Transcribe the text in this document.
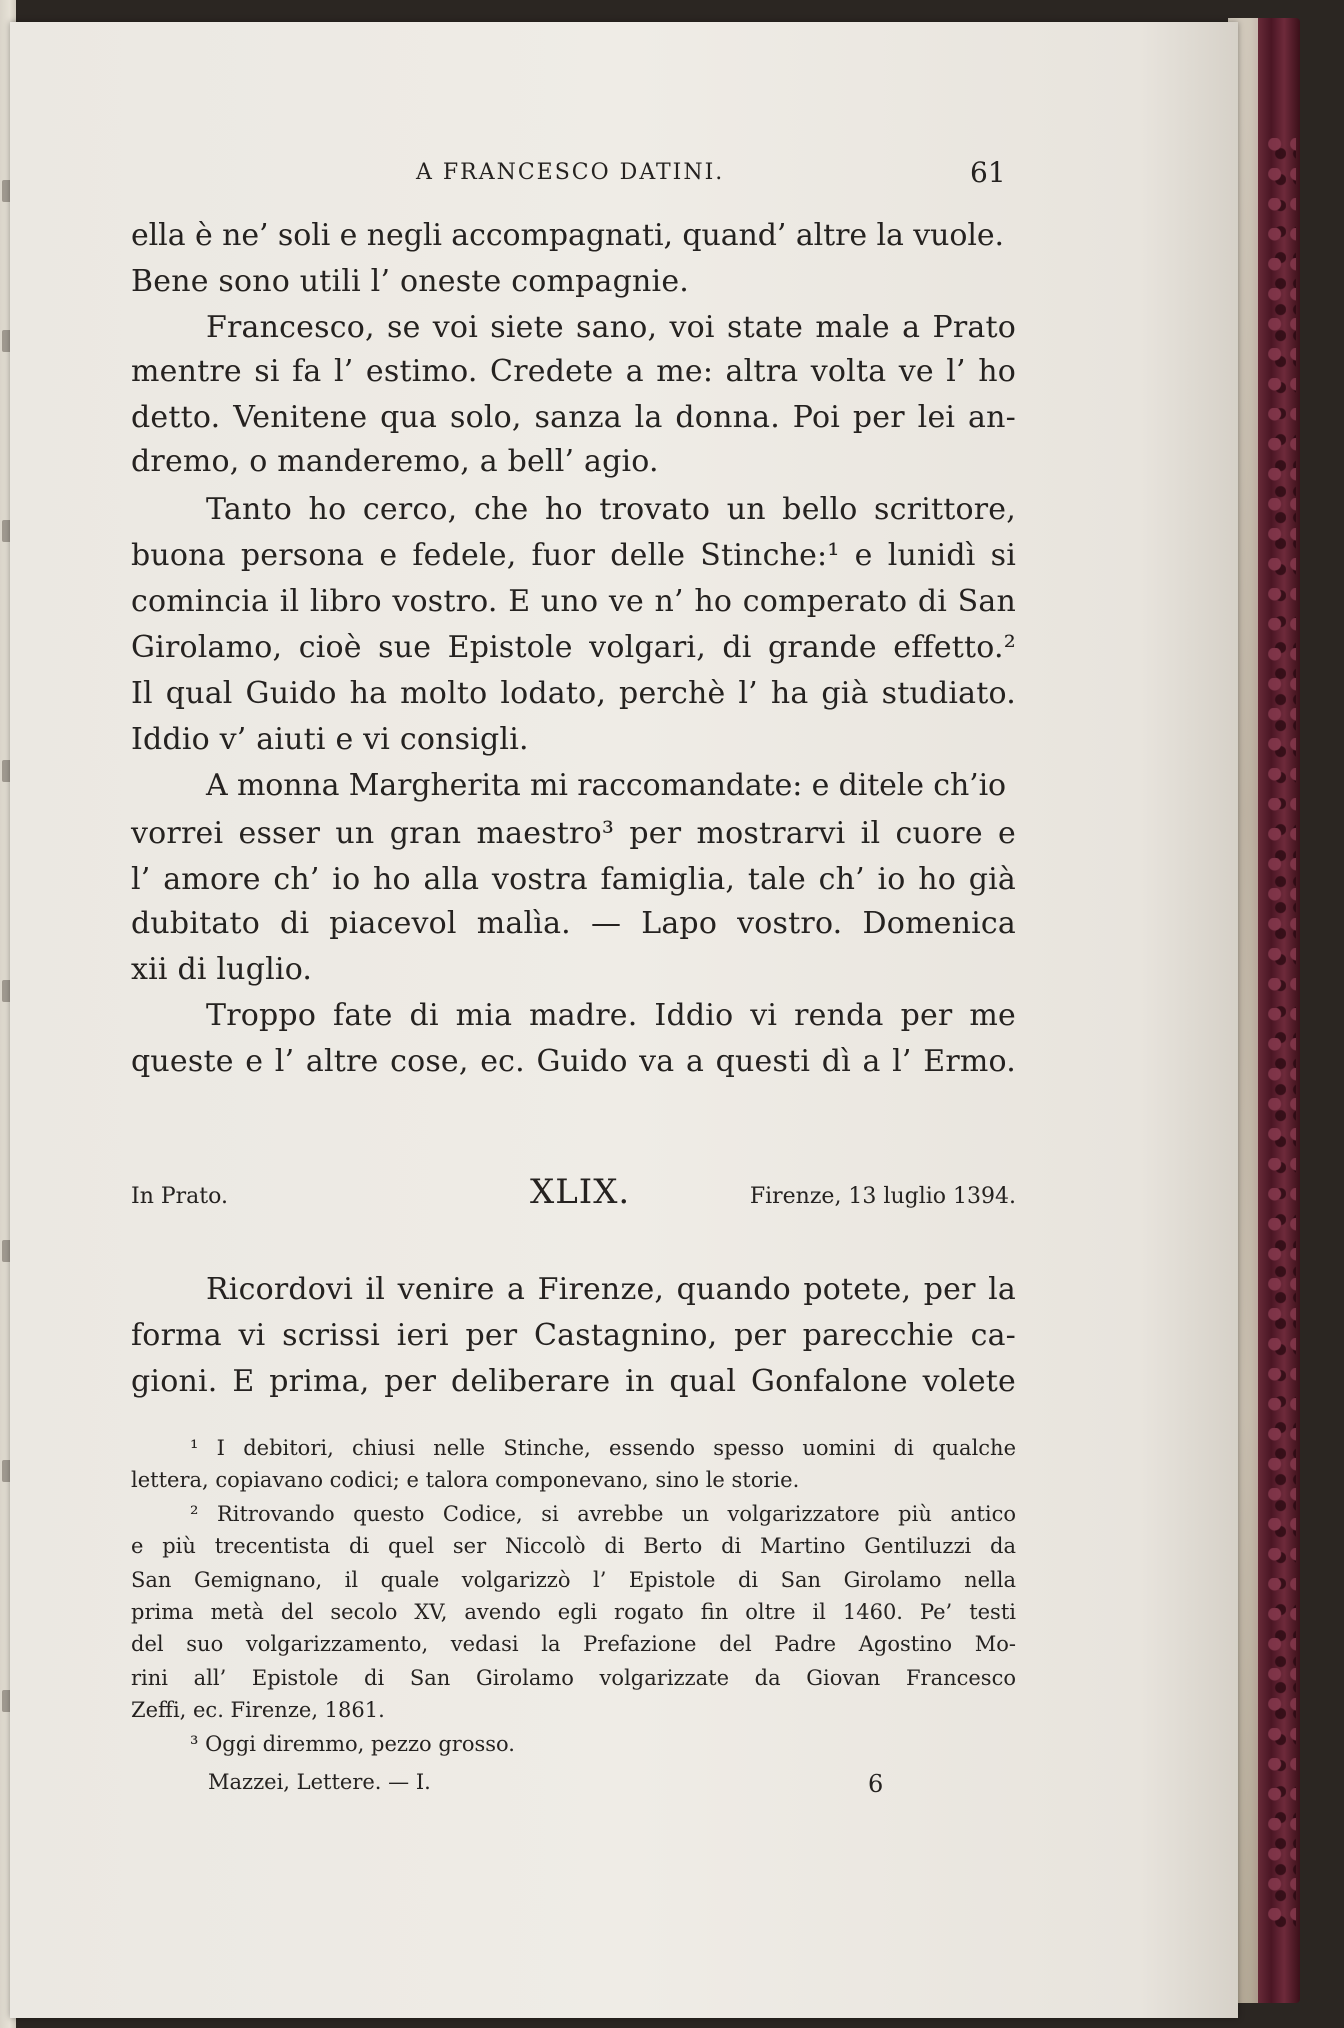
A FRANCESCO DATINI.	61
ella è ne’ soli e negli accompagnati, quand’ altre la vuole.
Bene sono utili l’ oneste compagnie.
Francesco, se voi siete sano, voi state male a Prato
mentre si fa l’ estimo. Credete a me: altra volta ve l’ ho
detto. Venitene qua solo, sanza la donna. Poi per lei an-
dremo, o manderemo, a bell’ agio.
Tanto ho cerco, che ho trovato un bello scrittore,
buona persona e fedele, fuor delle Stinche:¹ e lunidì si
comincia il libro vostro. E uno ve n’ ho comperato di San
Girolamo, cioè sue Epistole volgari, di grande effetto.²
Il qual Guido ha molto lodato, perchè l’ ha già studiato.
Iddio v’ aiuti e vi consigli.
A monna Margherita mi raccomandate: e ditele ch’io
vorrei esser un gran maestro³ per mostrarvi il cuore e
l’ amore ch’ io ho alla vostra famiglia, tale ch’ io ho già
dubitato di piacevol malìa. — Lapo vostro. Domenica
xii di luglio.
Troppo fate di mia madre. Iddio vi renda per me
queste e l’ altre cose, ec. Guido va a questi dì a l’ Ermo.
In Prato.	XLIX.	Firenze, 13 luglio 1394.
Ricordovi il venire a Firenze, quando potete, per la
forma vi scrissi ieri per Castagnino, per parecchie ca-
gioni. E prima, per deliberare in qual Gonfalone volete
¹ I debitori, chiusi nelle Stinche, essendo spesso uomini di qualche
lettera, copiavano codici; e talora componevano, sino le storie.
² Ritrovando questo Codice, si avrebbe un volgarizzatore più antico
e più trecentista di quel ser Niccolò di Berto di Martino Gentiluzzi da
San Gemignano, il quale volgarizzò l’ Epistole di San Girolamo nella
prima metà del secolo XV, avendo egli rogato fin oltre il 1460. Pe’ testi
del suo volgarizzamento, vedasi la Prefazione del Padre Agostino Mo-
rini all’ Epistole di San Girolamo volgarizzate da Giovan Francesco
Zeffi, ec. Firenze, 1861.
³ Oggi diremmo, pezzo grosso.
Mazzei, Lettere. — I.	6
